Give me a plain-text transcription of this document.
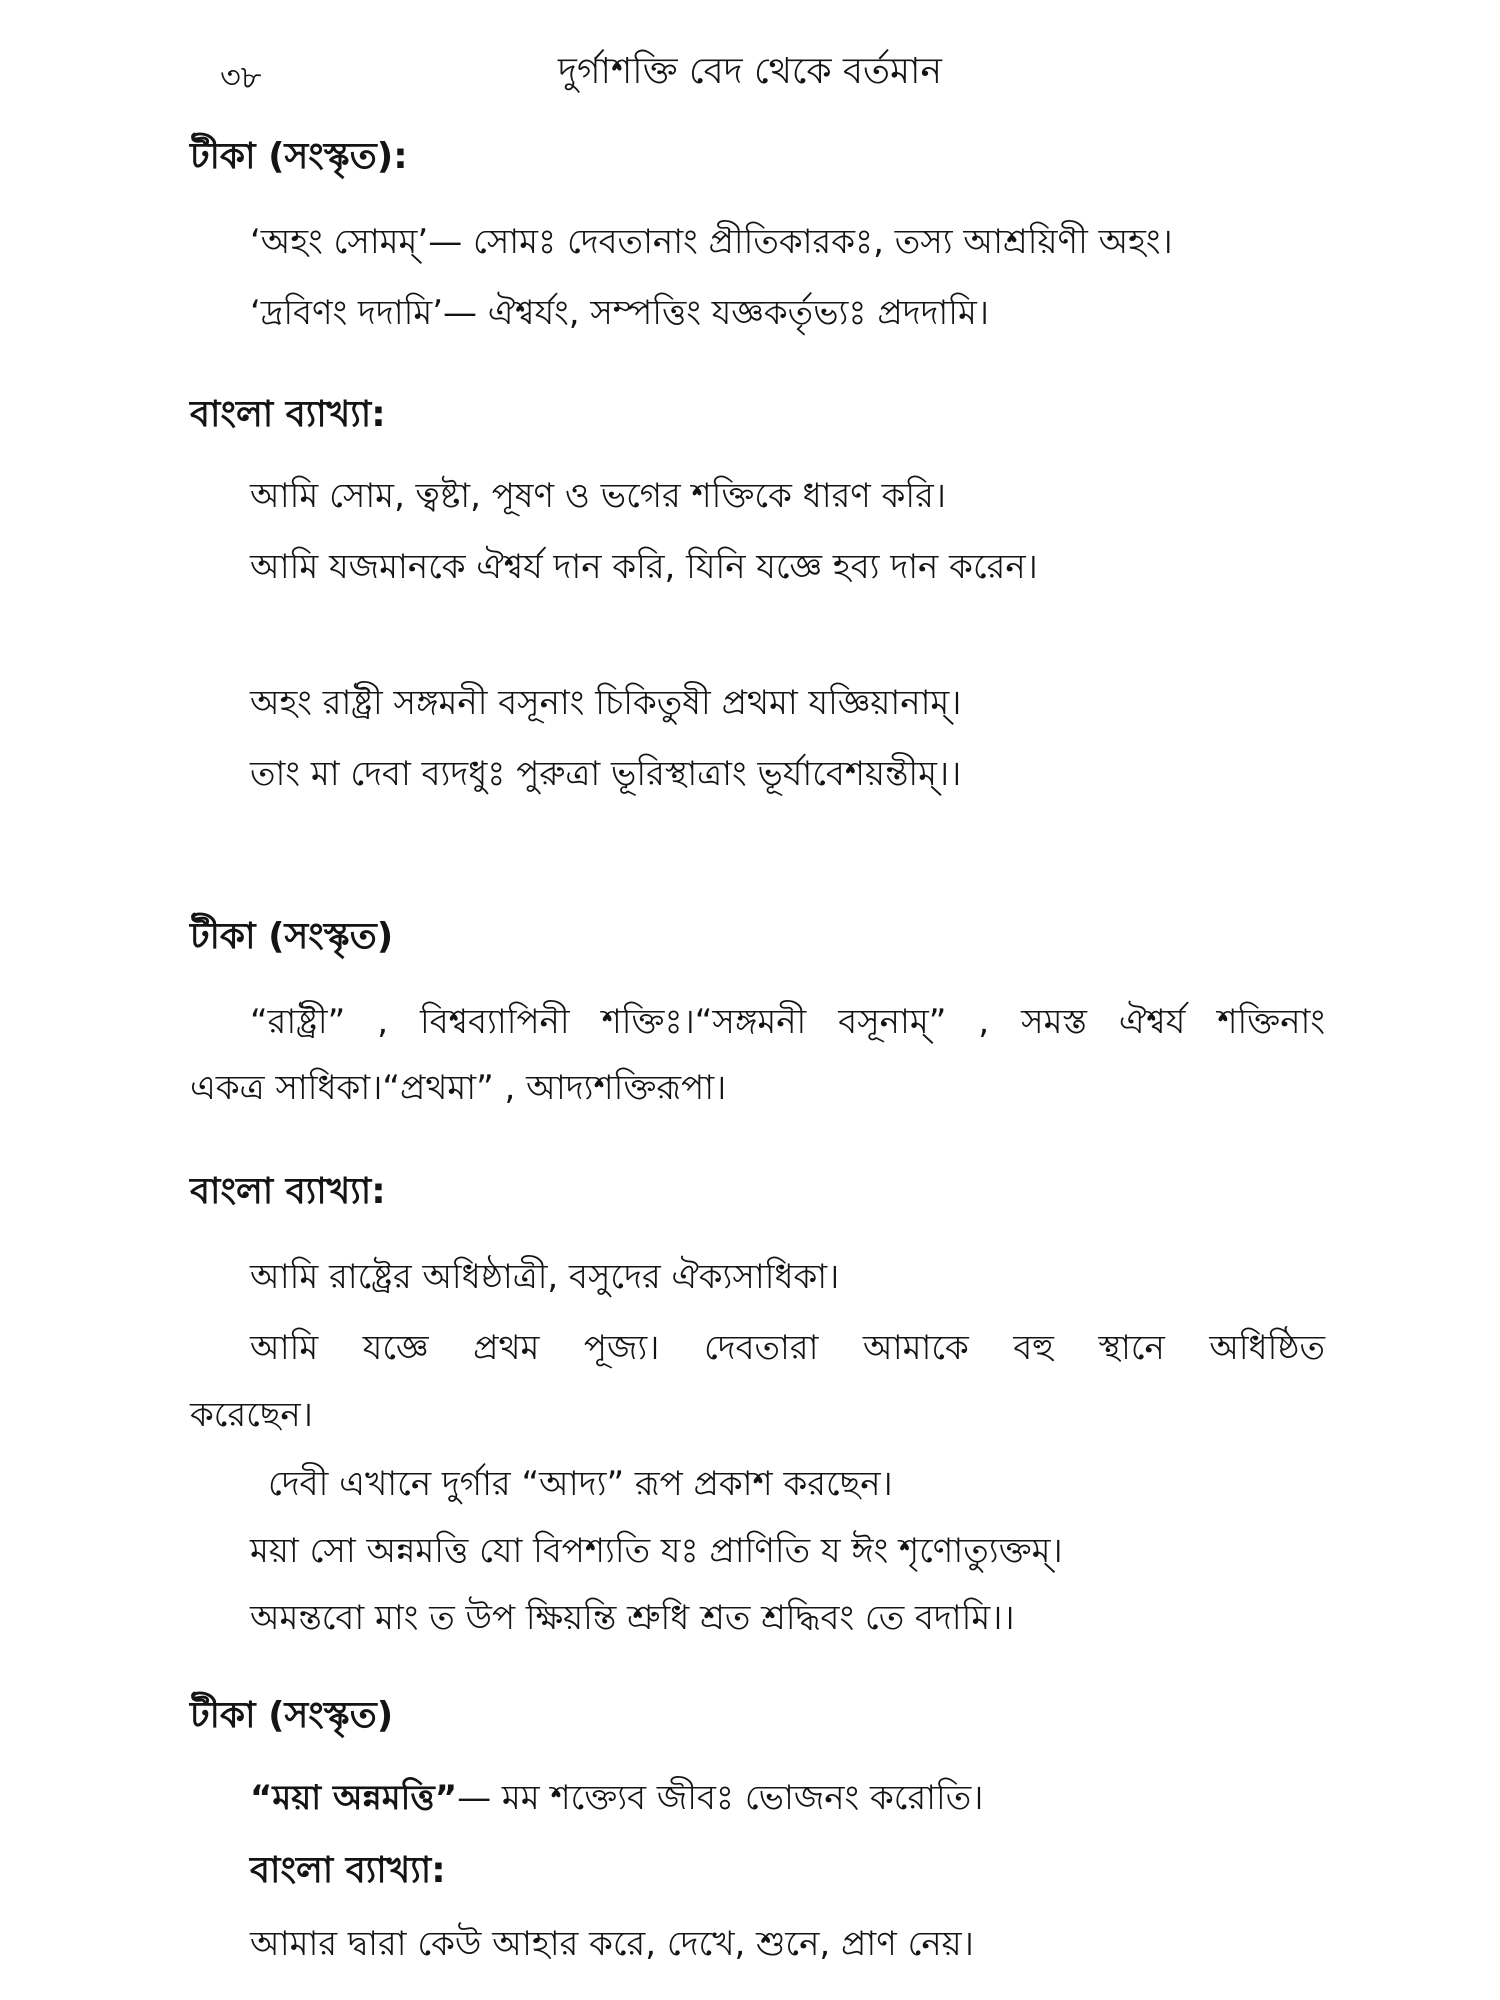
৩৮	দুর্গাশক্তি বেদ থেকে বর্তমান
টীকা (সংস্কৃত):
‘অহং সোমম্’— সোমঃ দেবতানাং প্রীতিকারকঃ, তস্য আশ্রয়িণী অহং।
‘দ্রবিণং দদামি’— ঐশ্বর্যং, সম্পত্তিং যজ্ঞকর্তৃভ্যঃ প্রদদামি।
বাংলা ব্যাখ্যা:
আমি সোম, ত্বষ্টা, পূষণ ও ভগের শক্তিকে ধারণ করি।
আমি যজমানকে ঐশ্বর্য দান করি, যিনি যজ্ঞে হব্য দান করেন।
অহং রাষ্ট্রী সঙ্গমনী বসূনাং চিকিতুষী প্রথমা যজ্ঞিয়ানাম্।
তাং মা দেবা ব্যদধুঃ পুরুত্রা ভূরিস্থাত্রাং ভূর্যাবেশয়ন্তীম্।।
টীকা (সংস্কৃত)
“রাষ্ট্রী” , বিশ্বব্যাপিনী শক্তিঃ।“সঙ্গমনী বসূনাম্” , সমস্ত ঐশ্বর্য শক্তিনাং
একত্র সাধিকা।“প্রথমা” , আদ্যশক্তিরূপা।
বাংলা ব্যাখ্যা:
আমি রাষ্ট্রের অধিষ্ঠাত্রী, বসুদের ঐক্যসাধিকা।
আমি যজ্ঞে প্রথম পূজ্য। দেবতারা আমাকে বহু স্থানে অধিষ্ঠিত
করেছেন।
দেবী এখানে দুর্গার “আদ্য” রূপ প্রকাশ করছেন।
ময়া সো অন্নমত্তি যো বিপশ্যতি যঃ প্রাণিতি য ঈং শৃণোত্যুক্তম্।
অমন্তবো মাং ত উপ ক্ষিয়ন্তি শ্রুধি শ্রত শ্রদ্ধিবং তে বদামি।।
টীকা (সংস্কৃত)
“ময়া অন্নমত্তি”— মম শক্ত্যেব জীবঃ ভোজনং করোতি।
বাংলা ব্যাখ্যা:
আমার দ্বারা কেউ আহার করে, দেখে, শুনে, প্রাণ নেয়।
